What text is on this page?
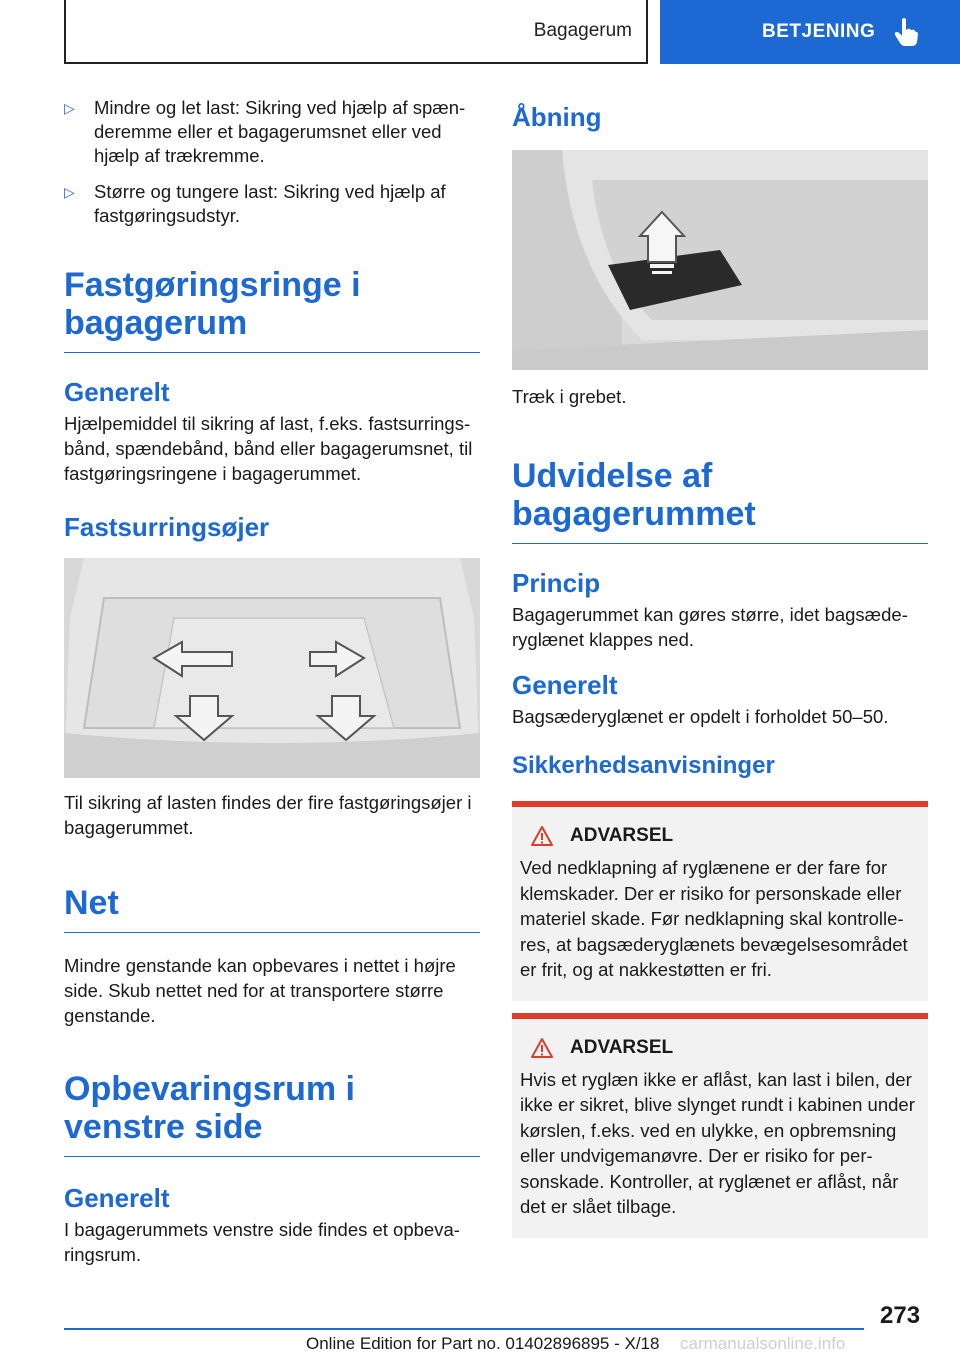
Bagagerum	BETJENING
▷	Mindre og let last: Sikring ved hjælp af spænderemme eller et bagagerumsnet eller ved hjælp af trækremme.
▷	Større og tungere last: Sikring ved hjælp af fastgøringsudstyr.
Fastgøringsringe i bagagerum
Generelt

Hjælpemiddel til sikring af last, f.eks. fastsurringsbånd, spændebånd, bånd eller bagagerumsnet, til fastgøringsringene i bagagerummet.

Fastsurringsøjer

Til sikring af lasten findes der fire fastgøringsøjer i bagagerummet.

Net

Mindre genstande kan opbevares i nettet i højre side. Skub nettet ned for at transportere større genstande.

Opbevaringsrum i venstre side
Generelt

I bagagerummets venstre side findes et opbevaringsrum.

Åbning

Træk i grebet.

Udvidelse af bagagerummet
Princip

Bagagerummet kan gøres større, idet bagsæderyglænet klappes ned.

Generelt

Bagsæderyglænet er opdelt i forholdet 50–50.

Sikkerhedsanvisninger
ADVARSEL

Ved nedklapning af ryglænene er der fare for klemskader. Der er risiko for personskade eller materiel skade. Før nedklapning skal kontrolleres, at bagsæderyglænets bevægelsesområdet er frit, og at nakkestøtten er fri.

ADVARSEL

Hvis et ryglæn ikke er aflåst, kan last i bilen, der ikke er sikret, blive slynget rundt i kabinen under kørslen, f.eks. ved en ulykke, en opbremsning eller undvigemanøvre. Der er risiko for personskade. Kontroller, at ryglænet er aflåst, når det er slået tilbage.

273
Online Edition for Part no. 01402896895 - X/18 carmanualsonline.info
